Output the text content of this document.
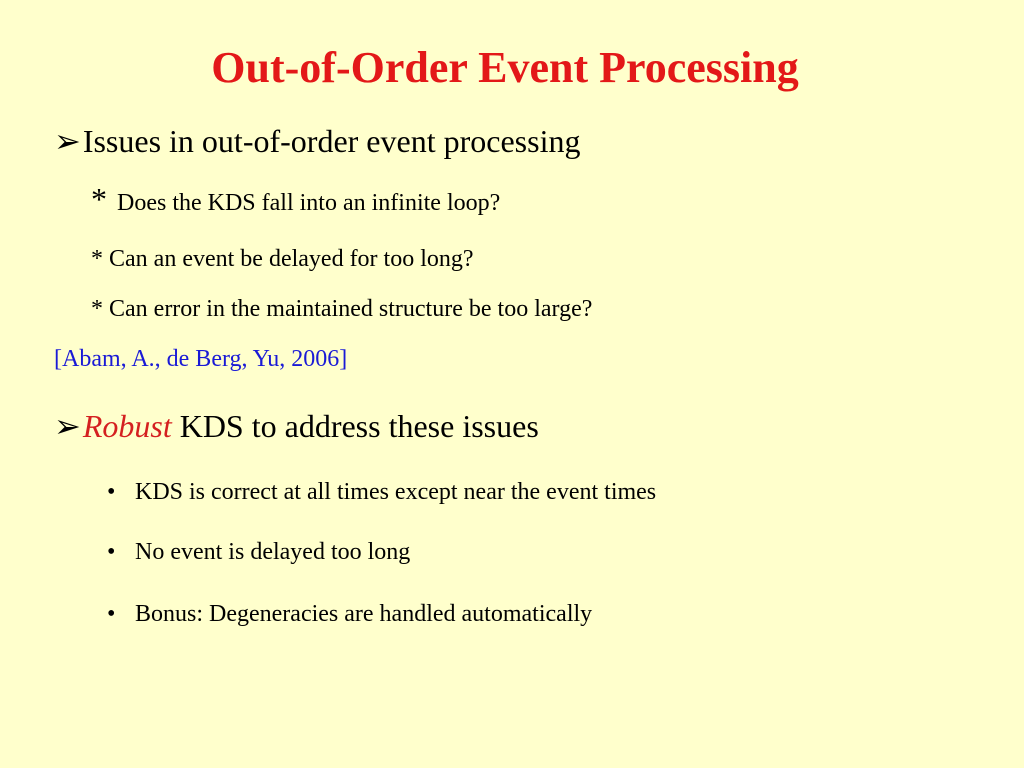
Out-of-Order Event Processing
➢Issues in out-of-order event processing
* Does the KDS fall into an infinite loop?
* Can an event be delayed for too long?
* Can error in the maintained structure be too large?
[Abam, A., de Berg, Yu, 2006]
➢Robust KDS to address these issues
• KDS is correct at all times except near the event times
• No event is delayed too long
• Bonus: Degeneracies are handled automatically
